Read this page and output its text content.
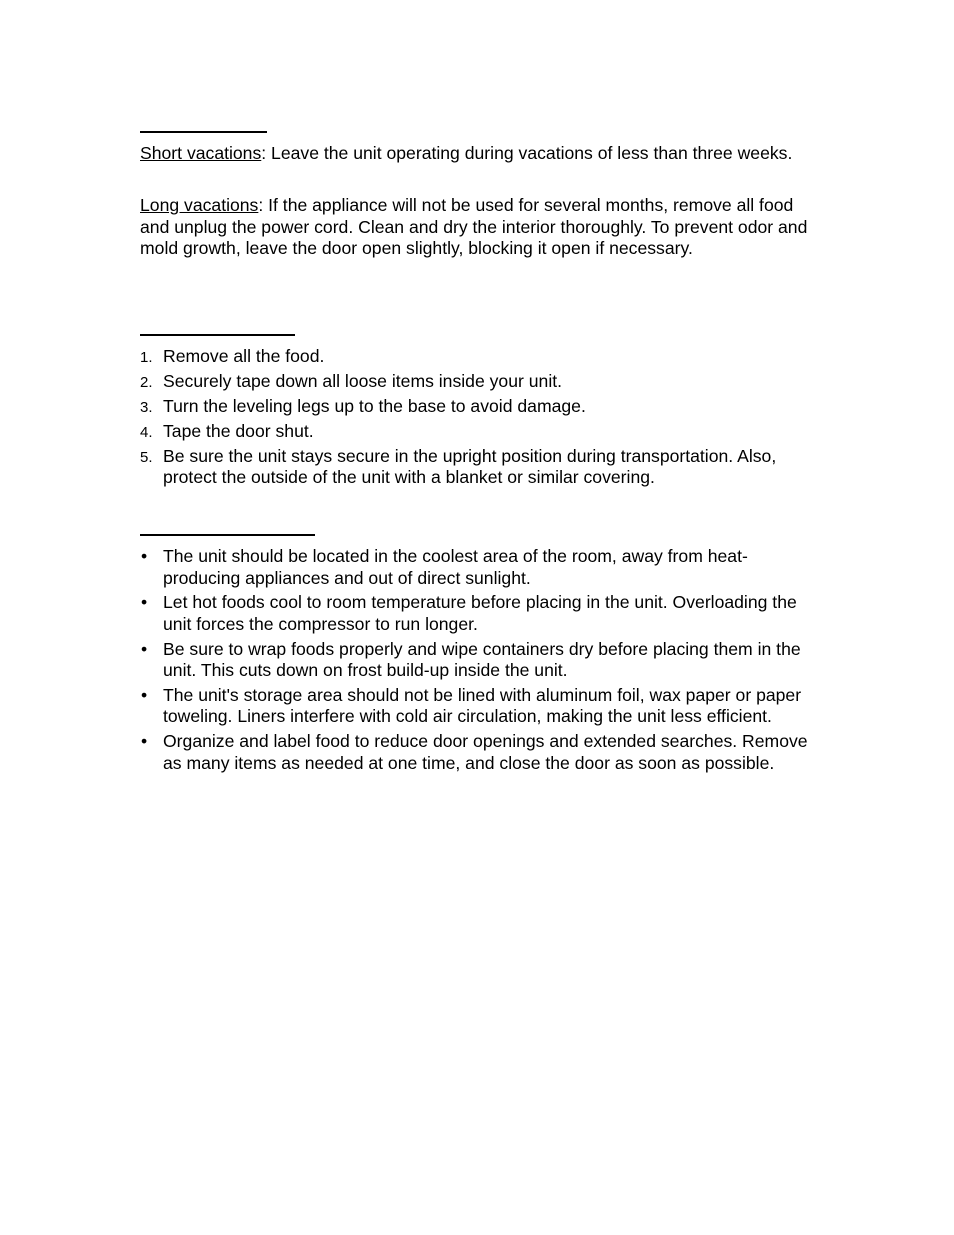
Short vacations: Leave the unit operating during vacations of less than three weeks.

Long vacations: If the appliance will not be used for several months, remove all food and unplug the power cord. Clean and dry the interior thoroughly. To prevent odor and mold growth, leave the door open slightly, blocking it open if necessary.

1. Remove all the food.
2. Securely tape down all loose items inside your unit.
3. Turn the leveling legs up to the base to avoid damage.
4. Tape the door shut.
5. Be sure the unit stays secure in the upright position during transportation. Also, protect the outside of the unit with a blanket or similar covering.
• The unit should be located in the coolest area of the room, away from heat-producing appliances and out of direct sunlight.
• Let hot foods cool to room temperature before placing in the unit. Overloading the unit forces the compressor to run longer.
• Be sure to wrap foods properly and wipe containers dry before placing them in the unit. This cuts down on frost build-up inside the unit.
• The unit's storage area should not be lined with aluminum foil, wax paper or paper toweling. Liners interfere with cold air circulation, making the unit less efficient.
• Organize and label food to reduce door openings and extended searches. Remove as many items as needed at one time, and close the door as soon as possible.
